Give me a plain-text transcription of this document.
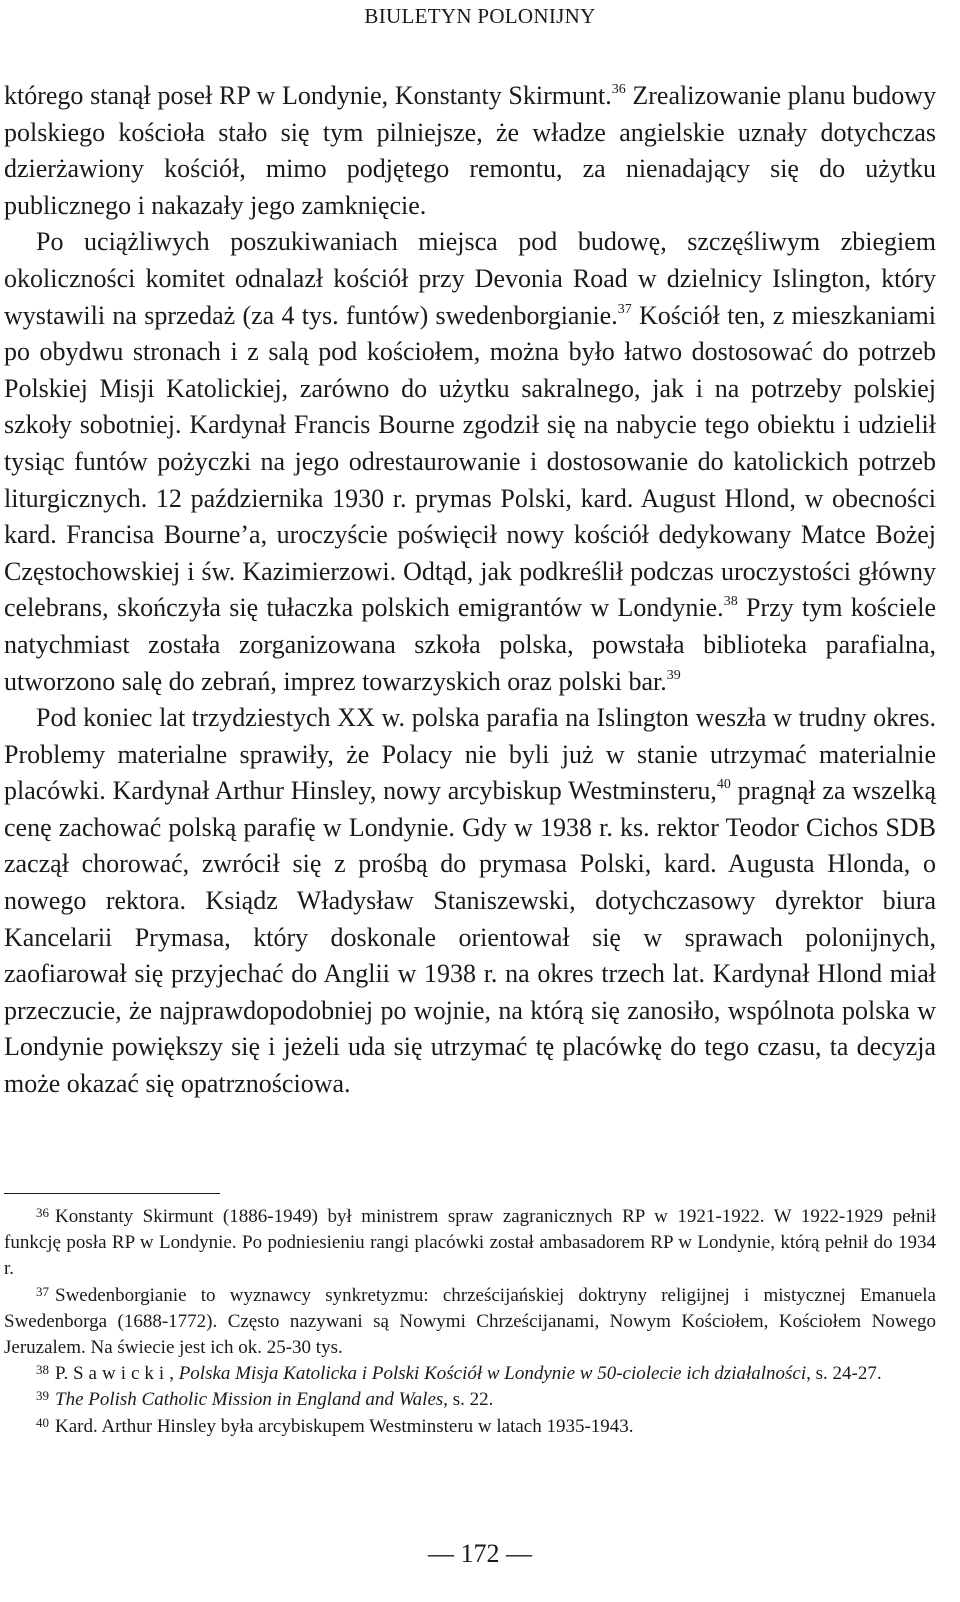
BIULETYN POLONIJNY

którego stanął poseł RP w Londynie, Konstanty Skirmunt.$^{36}$ Zrealizowanie planu budowy polskiego kościoła stało się tym pilniejsze, że władze angielskie uznały dotychczas dzierżawiony kościół, mimo podjętego remontu, za nienadający się do użytku publicznego i nakazały jego zamknięcie.

Po uciążliwych poszukiwaniach miejsca pod budowę, szczęśliwym zbiegiem okoliczności komitet odnalazł kościół przy Devonia Road w dzielnicy Islington, który wystawili na sprzedaż (za 4 tys. funtów) swedenborgianie.$^{37}$ Kościół ten, z mieszkaniami po obydwu stronach i z salą pod kościołem, można było łatwo dostosować do potrzeb Polskiej Misji Katolickiej, zarówno do użytku sakralnego, jak i na potrzeby polskiej szkoły sobotniej. Kardynał Francis Bourne zgodził się na nabycie tego obiektu i udzielił tysiąc funtów pożyczki na jego odrestaurowanie i dostosowanie do katolickich potrzeb liturgicznych. 12 października 1930 r. prymas Polski, kard. August Hlond, w obecności kard. Francisa Bourne’a, uroczyście poświęcił nowy kościół dedykowany Matce Bożej Częstochowskiej i św. Kazimierzowi. Odtąd, jak podkreślił podczas uroczystości główny celebrans, skończyła się tułaczka polskich emigrantów w Londynie.$^{38}$ Przy tym kościele natychmiast została zorganizowana szkoła polska, powstała biblioteka parafialna, utworzono salę do zebrań, imprez towarzyskich oraz polski bar.$^{39}$

Pod koniec lat trzydziestych XX w. polska parafia na Islington weszła w trudny okres. Problemy materialne sprawiły, że Polacy nie byli już w stanie utrzymać materialnie placówki. Kardynał Arthur Hinsley, nowy arcybiskup Westminsteru,$^{40}$ pragnął za wszelką cenę zachować polską parafię w Londynie. Gdy w 1938 r. ks. rektor Teodor Cichos SDB zaczął chorować, zwrócił się z prośbą do prymasa Polski, kard. Augusta Hlonda, o nowego rektora. Ksiądz Władysław Staniszewski, dotychczasowy dyrektor biura Kancelarii Prymasa, który doskonale orientował się w sprawach polonijnych, zaofiarował się przyjechać do Anglii w 1938 r. na okres trzech lat. Kardynał Hlond miał przeczucie, że najprawdopodobniej po wojnie, na którą się zanosiło, wspólnota polska w Londynie powiększy się i jeżeli uda się utrzymać tę placówkę do tego czasu, ta decyzja może okazać się opatrznościowa.

$^{36}$ Konstanty Skirmunt (1886-1949) był ministrem spraw zagranicznych RP w 1921-1922. W 1922-1929 pełnił funkcję posła RP w Londynie. Po podniesieniu rangi placówki został ambasadorem RP w Londynie, którą pełnił do 1934 r.

$^{37}$ Swedenborgianie to wyznawcy synkretyzmu: chrześcijańskiej doktryny religijnej i mistycznej Emanuela Swedenborga (1688-1772). Często nazywani są Nowymi Chrześcijanami, Nowym Kościołem, Kościołem Nowego Jeruzalem. Na świecie jest ich ok. 25-30 tys.

$^{38}$ P. Sawicki, Polska Misja Katolicka i Polski Kościół w Londynie w 50-ciolecie ich działalności, s. 24-27.

$^{39}$ The Polish Catholic Mission in England and Wales, s. 22.

$^{40}$ Kard. Arthur Hinsley była arcybiskupem Westminsteru w latach 1935-1943.

— 172 —
